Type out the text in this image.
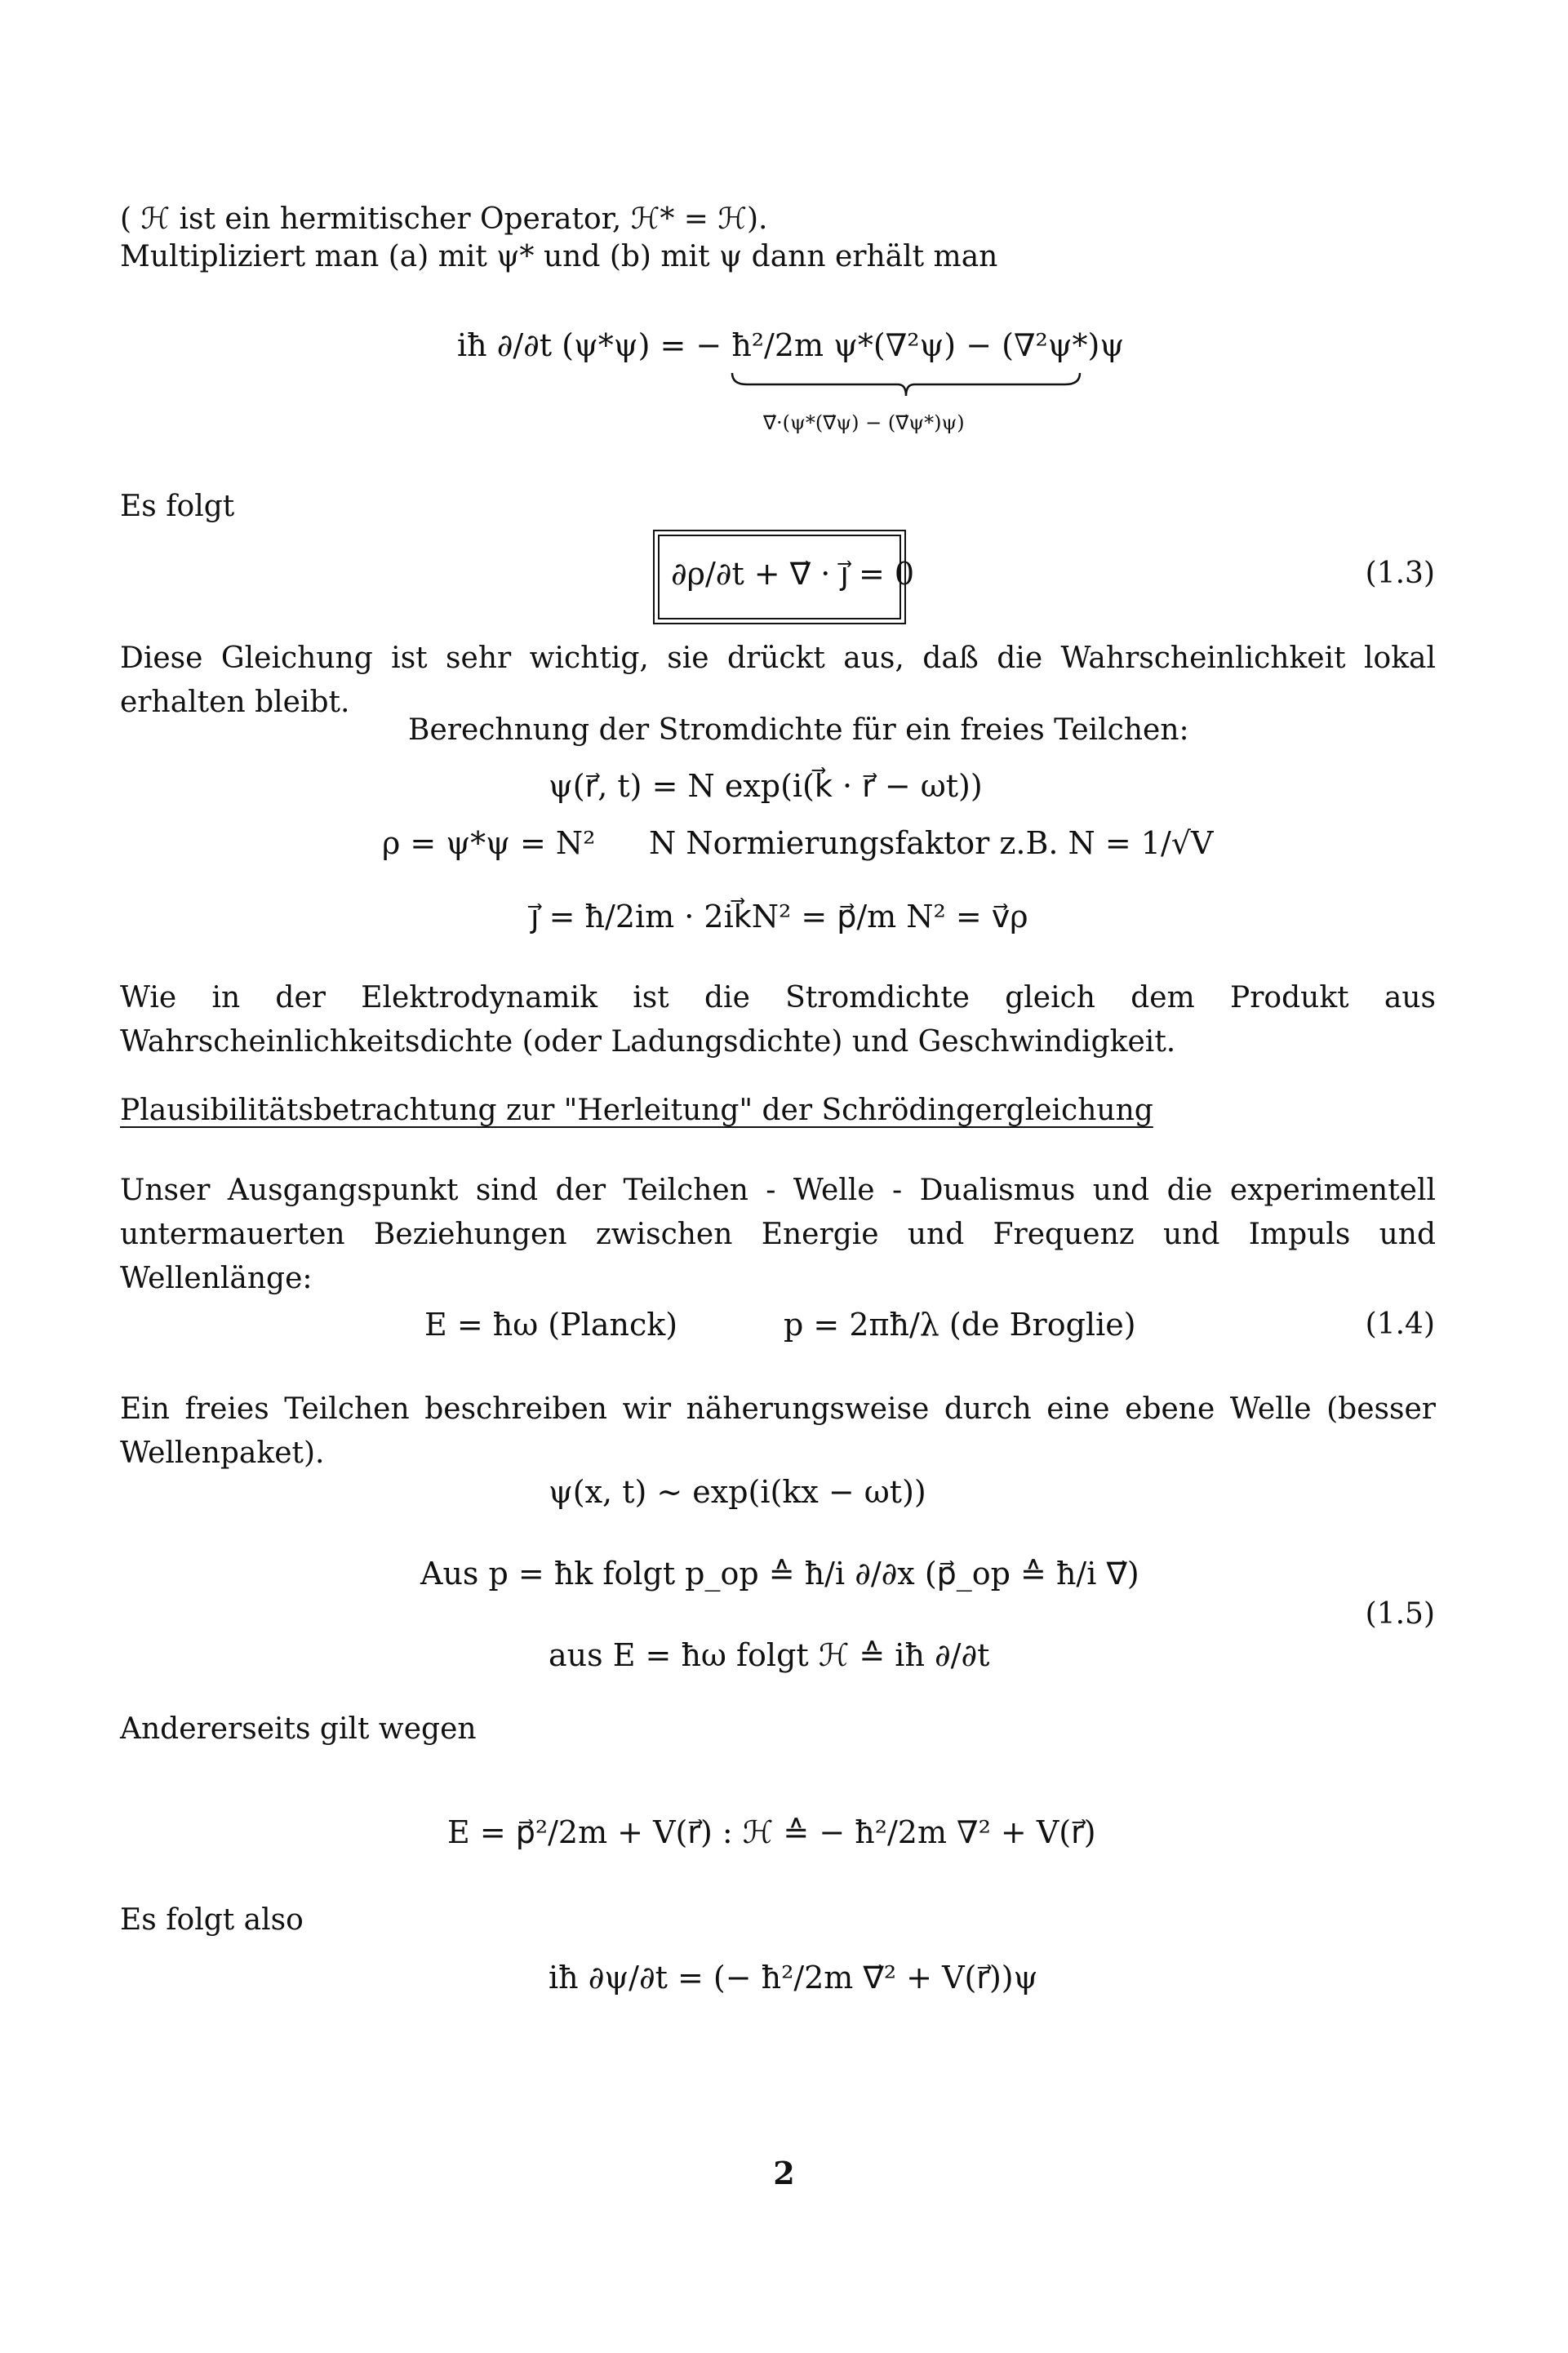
( ℋ ist ein hermitischer Operator, ℋ* = ℋ).
Multipliziert man (a) mit ψ* und (b) mit ψ dann erhält man
iħ ∂/∂t (ψ*ψ) = − ħ²/2m ψ*(∇²ψ) − (∇²ψ*)ψ
∇⃗·(ψ*(∇⃗ψ) − (∇⃗ψ*)ψ)
Es folgt
∂ρ/∂t + ∇⃗ · j⃗ = 0	(1.3)
Diese Gleichung ist sehr wichtig, sie drückt aus, daß die Wahrscheinlichkeit lokal erhalten bleibt.
Berechnung der Stromdichte für ein freies Teilchen:
ψ(r⃗, t) = N exp(i(k⃗ · r⃗ − ωt))
ρ = ψ*ψ = N² N Normierungsfaktor z.B. N = 1/√V
j⃗ = ħ/2im · 2ik⃗N² = p⃗/m N² = v⃗ρ
Wie in der Elektrodynamik ist die Stromdichte gleich dem Produkt aus Wahrscheinlichkeitsdichte (oder Ladungsdichte) und Geschwindigkeit.
Plausibilitätsbetrachtung zur "Herleitung" der Schrödingergleichung
Unser Ausgangspunkt sind der Teilchen - Welle - Dualismus und die experimentell untermauerten Beziehungen zwischen Energie und Frequenz und Impuls und Wellenlänge:
E = ħω (Planck)	p = 2πħ/λ (de Broglie)	(1.4)
Ein freies Teilchen beschreiben wir näherungsweise durch eine ebene Welle (besser Wellenpaket).
ψ(x, t) ∼ exp(i(kx − ωt))
Aus p = ħk folgt p_op ≙ ħ/i ∂/∂x (p⃗_op ≙ ħ/i ∇⃗)
aus E = ħω folgt ℋ ≙ iħ ∂/∂t
(1.5)
Andererseits gilt wegen
E = p⃗²/2m + V(r⃗) : ℋ ≙ − ħ²/2m ∇² + V(r⃗)
Es folgt also
iħ ∂ψ/∂t = (− ħ²/2m ∇⃗² + V(r⃗))ψ
2
